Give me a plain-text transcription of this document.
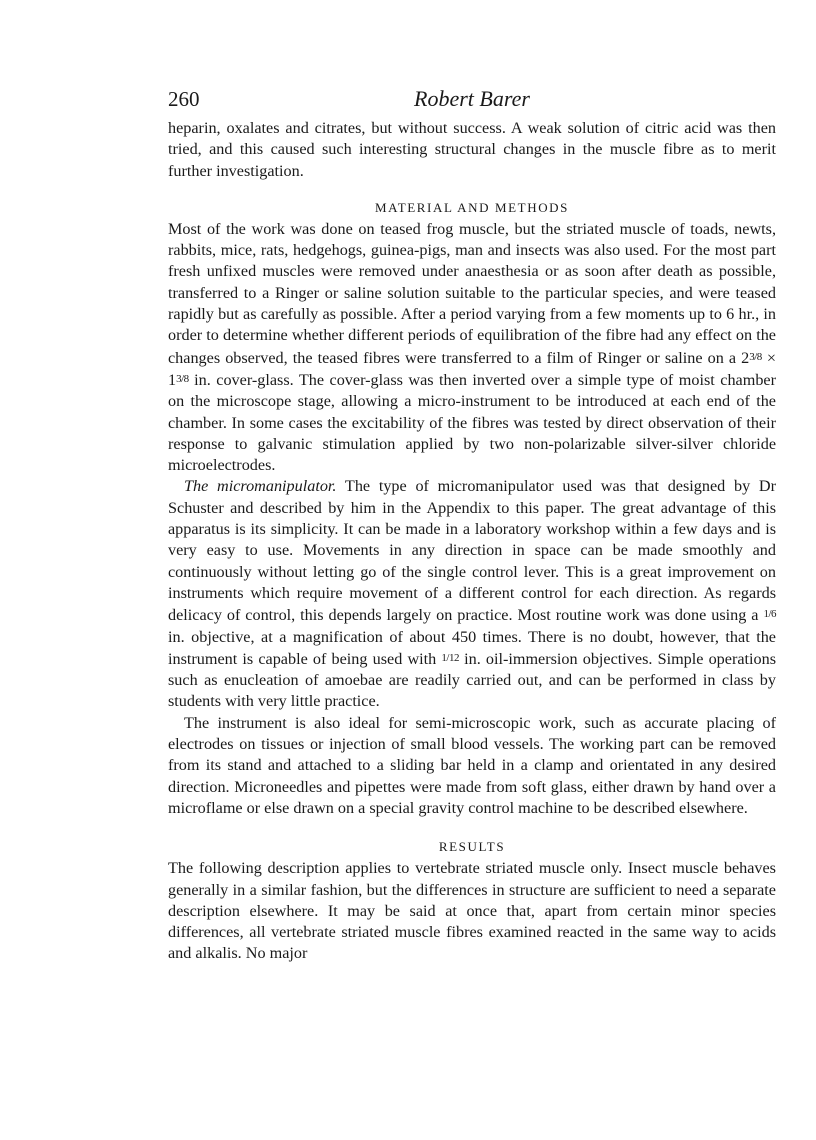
260	Robert Barer

heparin, oxalates and citrates, but without success. A weak solution of citric acid was then tried, and this caused such interesting structural changes in the muscle fibre as to merit further investigation.

MATERIAL AND METHODS

Most of the work was done on teased frog muscle, but the striated muscle of toads, newts, rabbits, mice, rats, hedgehogs, guinea-pigs, man and insects was also used. For the most part fresh unfixed muscles were removed under anaesthesia or as soon after death as possible, transferred to a Ringer or saline solution suitable to the particular species, and were teased rapidly but as carefully as possible. After a period varying from a few moments up to 6 hr., in order to determine whether different periods of equilibration of the fibre had any effect on the changes observed, the teased fibres were transferred to a film of Ringer or saline on a 23/8 × 13/8 in. cover-glass. The cover-glass was then inverted over a simple type of moist chamber on the microscope stage, allowing a micro-instrument to be introduced at each end of the chamber. In some cases the excitability of the fibres was tested by direct observation of their response to galvanic stimulation applied by two non-polarizable silver-silver chloride microelectrodes.

The micromanipulator. The type of micromanipulator used was that designed by Dr Schuster and described by him in the Appendix to this paper. The great advantage of this apparatus is its simplicity. It can be made in a laboratory workshop within a few days and is very easy to use. Movements in any direction in space can be made smoothly and continuously without letting go of the single control lever. This is a great improvement on instruments which require movement of a different control for each direction. As regards delicacy of control, this depends largely on practice. Most routine work was done using a 1/6 in. objective, at a magnification of about 450 times. There is no doubt, however, that the instrument is capable of being used with 1/12 in. oil-immersion objectives. Simple operations such as enucleation of amoebae are readily carried out, and can be performed in class by students with very little practice.

The instrument is also ideal for semi-microscopic work, such as accurate placing of electrodes on tissues or injection of small blood vessels. The working part can be removed from its stand and attached to a sliding bar held in a clamp and orientated in any desired direction. Microneedles and pipettes were made from soft glass, either drawn by hand over a microflame or else drawn on a special gravity control machine to be described elsewhere.

RESULTS

The following description applies to vertebrate striated muscle only. Insect muscle behaves generally in a similar fashion, but the differences in structure are sufficient to need a separate description elsewhere. It may be said at once that, apart from certain minor species differences, all vertebrate striated muscle fibres examined reacted in the same way to acids and alkalis. No major
